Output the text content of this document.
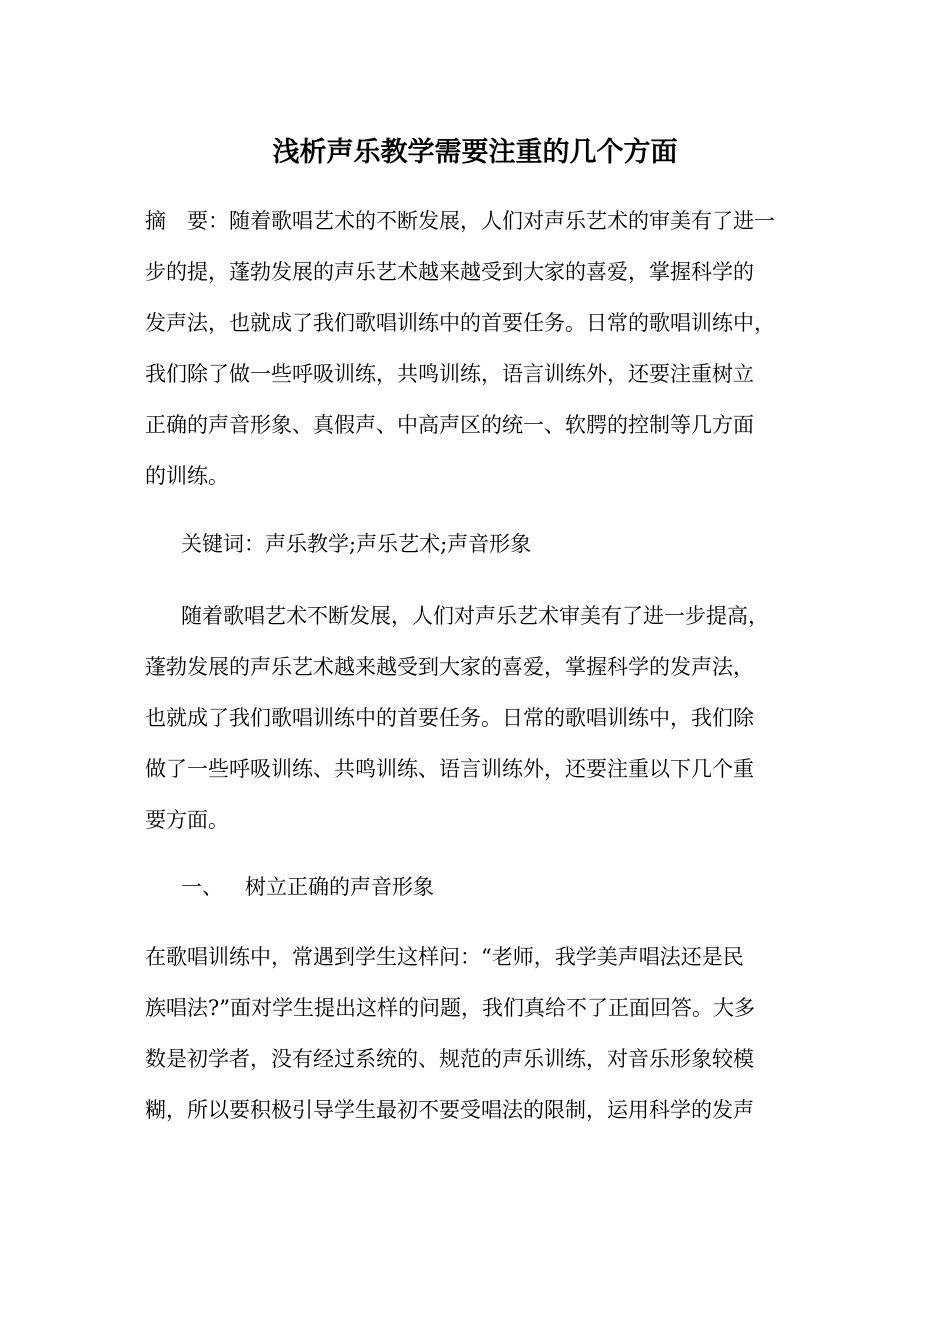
浅析声乐教学需要注重的几个方面
摘　要：随着歌唱艺术的不断发展，人们对声乐艺术的审美有了进一
步的提，蓬勃发展的声乐艺术越来越受到大家的喜爱，掌握科学的
发声法，也就成了我们歌唱训练中的首要任务。日常的歌唱训练中，
我们除了做一些呼吸训练，共鸣训练，语言训练外，还要注重树立
正确的声音形象、真假声、中高声区的统一、软腭的控制等几方面
的训练。
关键词：声乐教学;声乐艺术;声音形象
随着歌唱艺术不断发展，人们对声乐艺术审美有了进一步提高，
蓬勃发展的声乐艺术越来越受到大家的喜爱，掌握科学的发声法，
也就成了我们歌唱训练中的首要任务。日常的歌唱训练中，我们除
做了一些呼吸训练、共鸣训练、语言训练外，还要注重以下几个重
要方面。
一、 树立正确的声音形象
在歌唱训练中，常遇到学生这样问：“老师，我学美声唱法还是民
族唱法?”面对学生提出这样的问题，我们真给不了正面回答。大多
数是初学者，没有经过系统的、规范的声乐训练，对音乐形象较模
糊，所以要积极引导学生最初不要受唱法的限制，运用科学的发声
